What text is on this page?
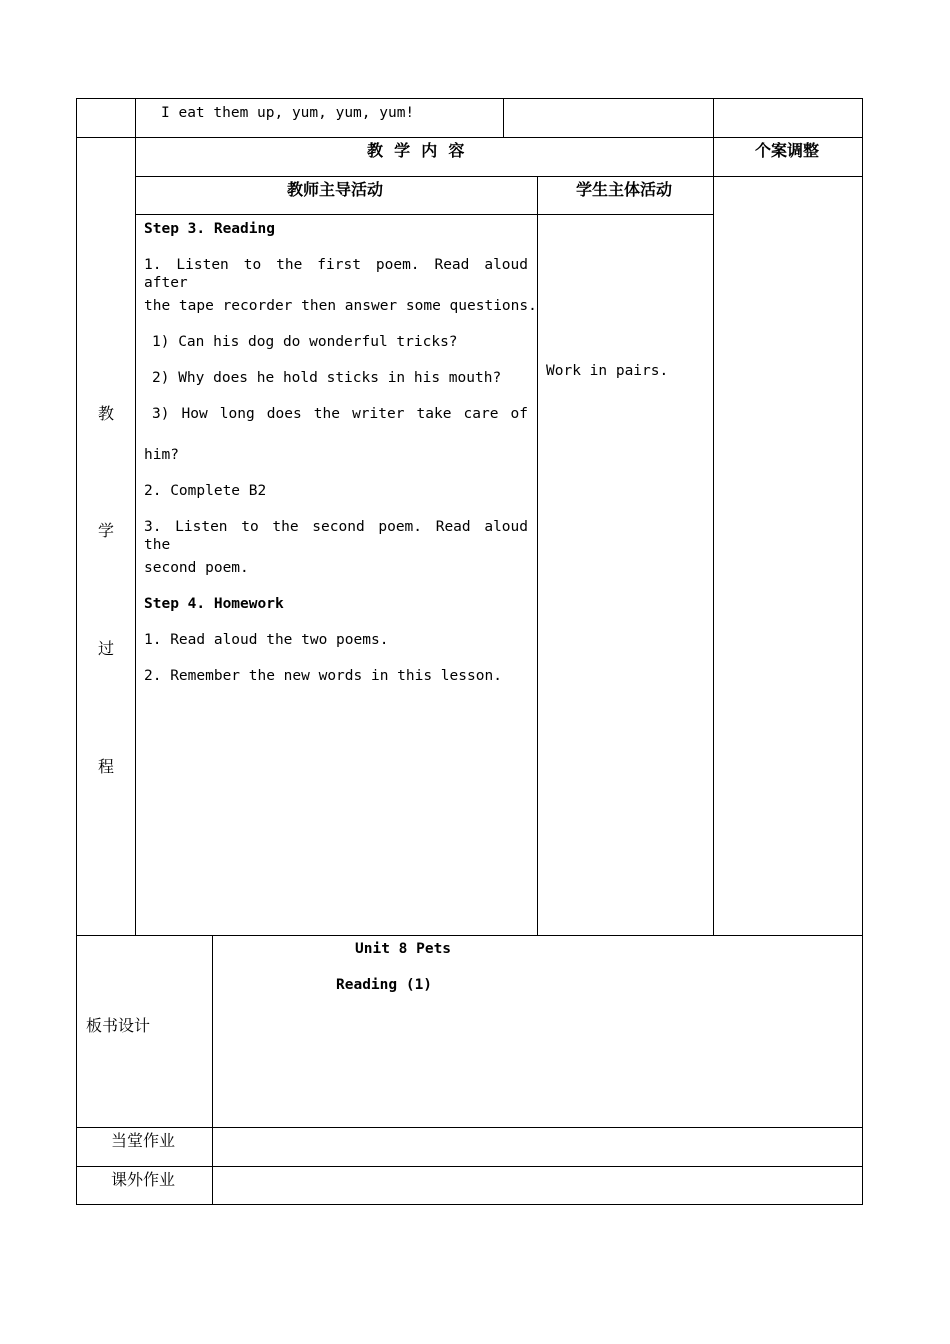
I eat them up, yum, yum, yum!
教  学  内  容	个案调整
教师主导活动	学生主体活动
教
学
过
程
Step 3. Reading
1. Listen to the first poem. Read aloud after
the tape recorder then answer some questions.
1) Can his dog do wonderful tricks?
2) Why does he hold sticks in his mouth?
3) How long does the writer take care of
him?
2. Complete B2
3. Listen to the second poem. Read aloud the
second poem.
Step 4. Homework
1. Read aloud the two poems.
2. Remember the new words in this lesson.
Work in pairs.
板书设计
Unit 8 Pets
Reading (1)
当堂作业
课外作业
